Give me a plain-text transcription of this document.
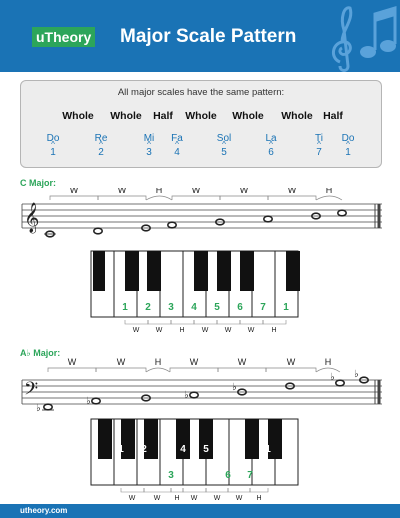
uTheory Major Scale Pattern
All major scales have the same pattern:
Whole Whole Half Whole Whole Whole Half
Do	Re	Mi Fa	Sol	La	Ti Do
^ 1	^ 2	^ 3 ^ 4	^ 5	^ 6	^ 7 ^ 1
C Major:
𝄞
W	W	H	W	W	W	H
1 2 3 4 5 6 7 1
W W H W W W H
A♭ Major:
𝄢
W	W	H	W	W	W	H
♭
♭
♭
♭
♭ ♭
1 2	4 5	1
3	6 7
W	W H W W W H
utheory.com
